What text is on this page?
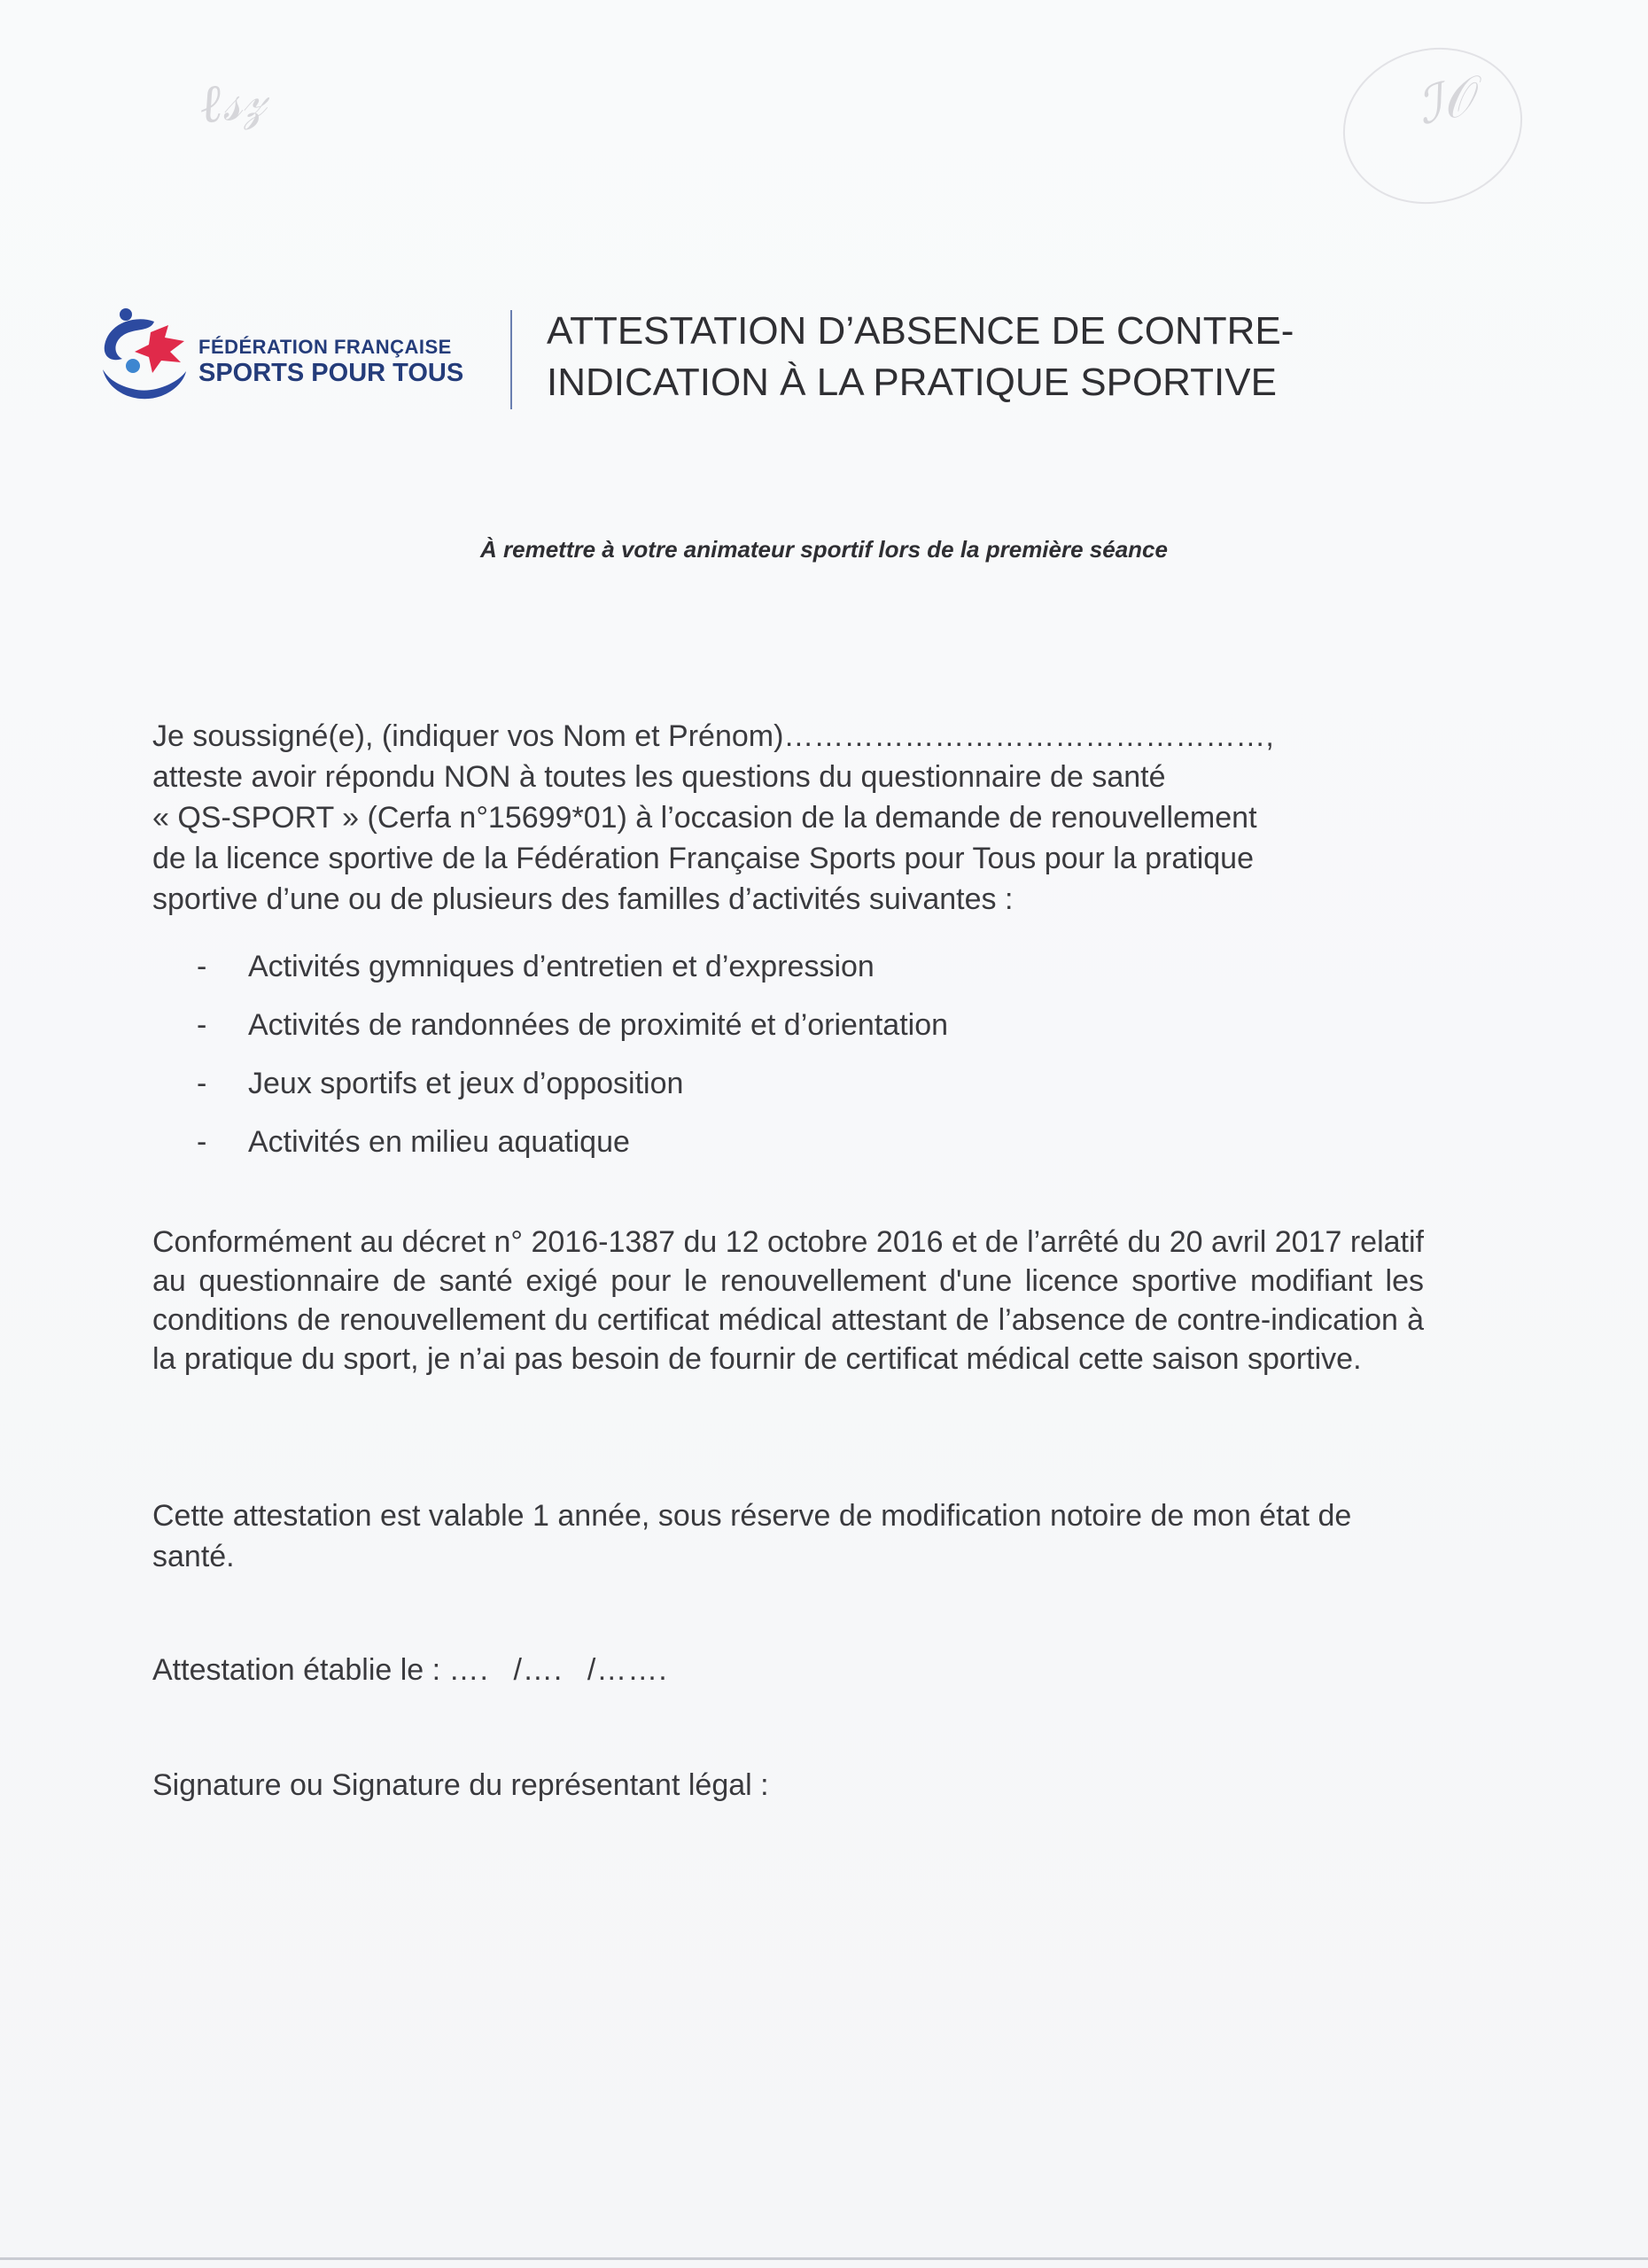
ℓ𝓈𝓏	ℐ𝒪
FÉDÉRATION FRANÇAISE
SPORTS POUR TOUS
ATTESTATION D’ABSENCE DE CONTRE-
INDICATION À LA PRATIQUE SPORTIVE
À remettre à votre animateur sportif lors de la première séance
Je soussigné(e), (indiquer vos Nom et Prénom)…………………………………………,
atteste avoir répondu NON à toutes les questions du questionnaire de santé
« QS-SPORT » (Cerfa n°15699*01) à l’occasion de la demande de renouvellement
de la licence sportive de la Fédération Française Sports pour Tous pour la pratique
sportive d’une ou de plusieurs des familles d’activités suivantes :
-	Activités gymniques d’entretien et d’expression
-	Activités de randonnées de proximité et d’orientation
-	Jeux sportifs et jeux d’opposition
-	Activités en milieu aquatique
Conformément au décret n° 2016-1387 du 12 octobre 2016 et de l’arrêté du 20 avril 2017 relatif au questionnaire de santé exigé pour le renouvellement d'une licence sportive modifiant les conditions de renouvellement du certificat médical attestant de l’absence de contre-indication à la pratique du sport, je n’ai pas besoin de fournir de certificat médical cette saison sportive.
Cette attestation est valable 1 année, sous réserve de modification notoire de mon état de santé.
Attestation établie le : …. /…. /…….
Signature ou Signature du représentant légal :
